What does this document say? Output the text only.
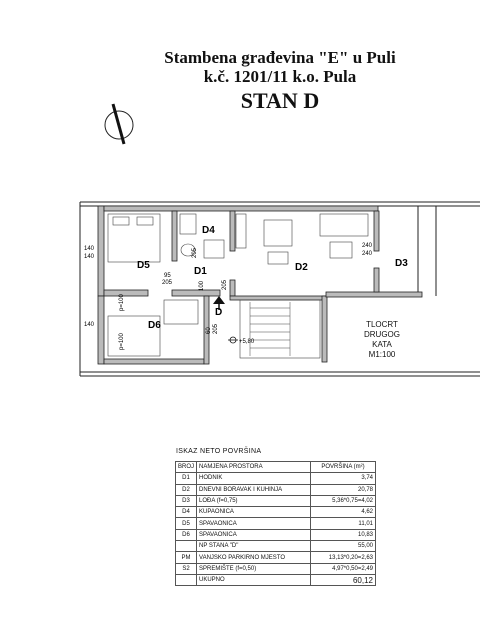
Stambena građevina "E" u Puli
k.č. 1201/11 k.o. Pula
STAN D
D4
D5
D1	D2	D3
D6
D
+5,80
140
140
140
95
205	100	205
205
240
240
p=100
p=100
60 205	TLOCRT
DRUGOG
KATA
M1:100
ISKAZ NETO POVRŠINA
BROJ	NAMJENA PROSTORA	POVRŠINA (m²)
D1	HODNIK	3,74
D2	DNEVNI BORAVAK I KUHINJA	20,78
D3	LOĐA (f=0,75)	5,36*0,75=4,02
D4	KUPAONICA	4,62
D5	SPAVAONICA	11,01
D6	SPAVAONICA	10,83
	NP STANA "D"	55,00
PM	VANJSKO PARKIRNO MJESTO	13,13*0,20=2,63
S2	SPREMIŠTE (f=0,50)	4,97*0,50=2,49
	UKUPNO	60,12
